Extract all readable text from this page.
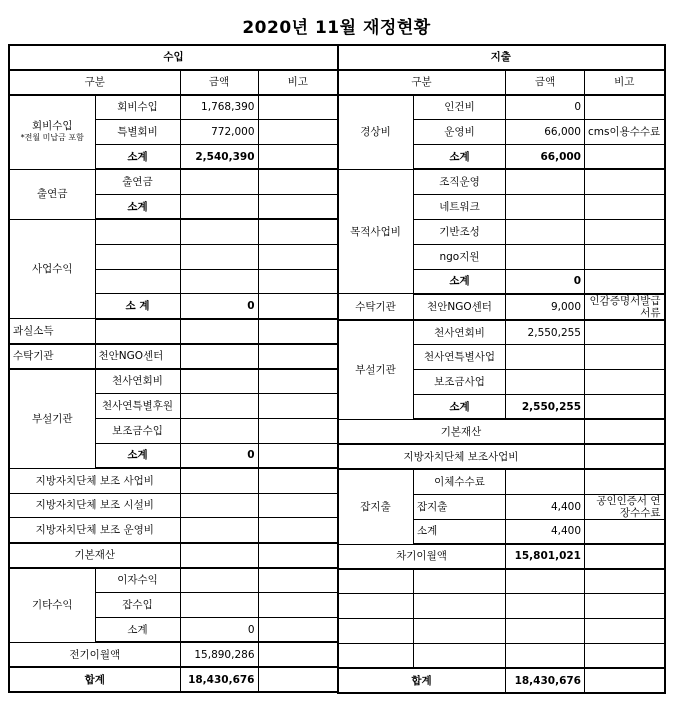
2020년 11월 재정현황
수입			
구분		금액	비고
회비수입
*전월 미납금 포함	회비수입	1,768,390	
	특별회비	772,000	
	소계	2,540,390	
출연금	출연금		
	소계		
사업수익			

	소 계	0	
과실소득			
수탁기관	천안NGO센터		
부설기관	천사연회비		
	천사연특별후원		
	보조금수입		
	소계	0	
지방자치단체 보조 사업비			
지방자치단체 보조 시설비			
지방자치단체 보조 운영비			
기본재산			
기타수익	이자수익		
	잡수입		
	소계	0	
전기이월액		15,890,286	
합계		18,430,676	
지출			
구분		금액	비고
경상비	인건비	0	
	운영비	66,000	cms이용수수료
	소계	66,000	
목적사업비	조직운영		
	네트워크		
	기반조성		
	ngo지원		
	소계	0	
수탁기관	천안NGO센터	9,000	인감증명서발급서류
부설기관	천사연회비	2,550,255	
	천사연특별사업		
	보조금사업		
	소계	2,550,255	
기본재산			
지방자치단체 보조사업비			
잡지출	이체수수료		
	잡지출	4,400	공인인증서 연장수수료
	소계	4,400	
차기이월액		15,801,021	

합계		18,430,676	
